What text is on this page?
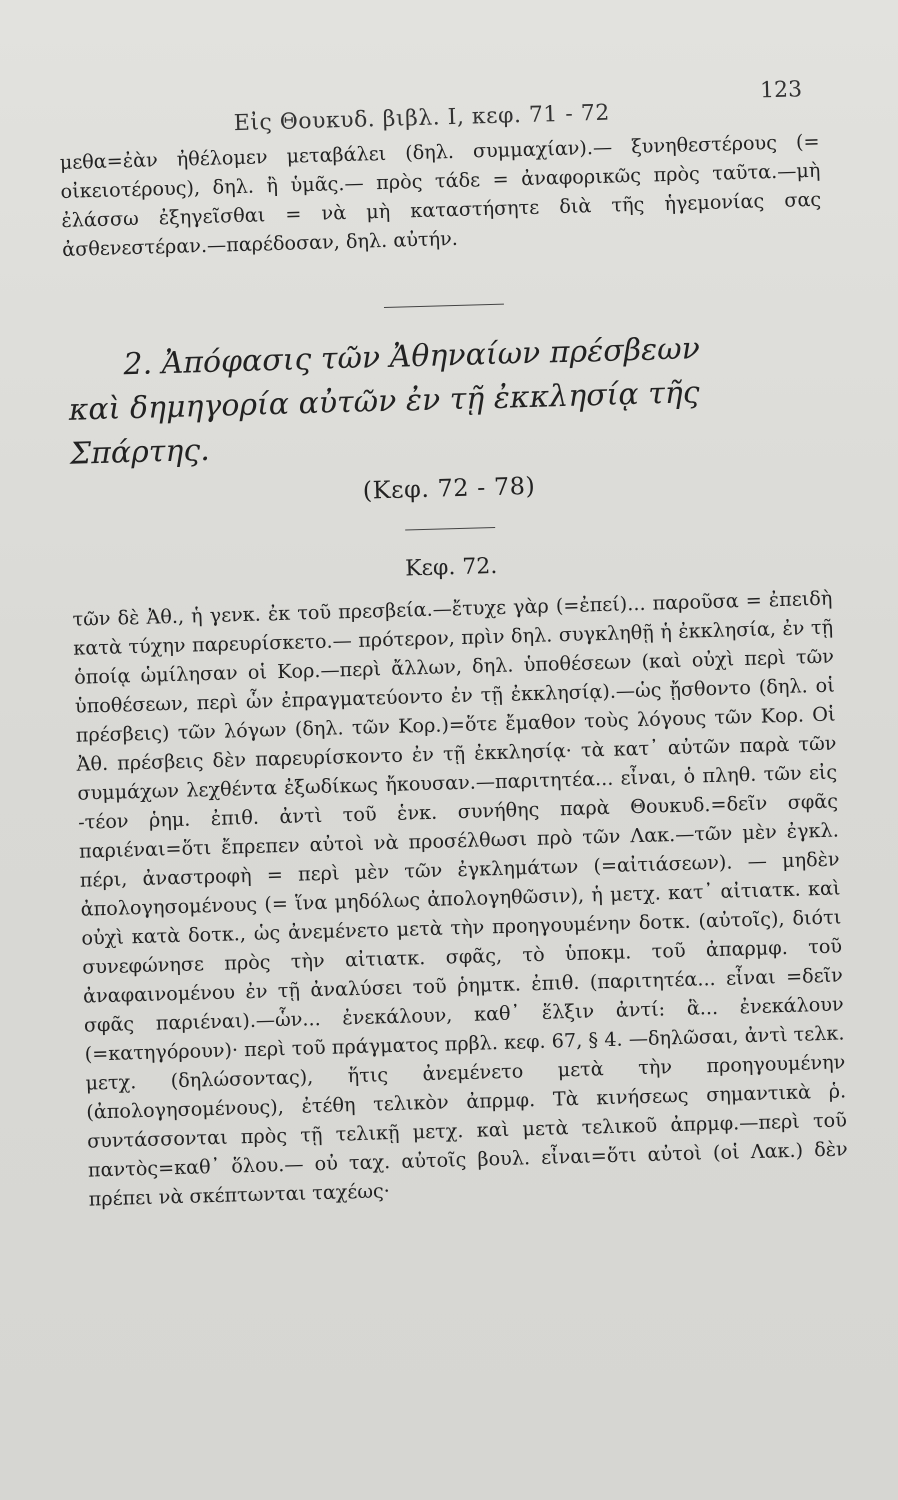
Εἰς Θουκυδ. βιβλ. Ι, κεφ. 71 - 72
123

μεθα=ἐὰν ἠθέλομεν μεταβάλει (δηλ. συμμαχίαν).— ξυνηθεστέρους (= οἰκειοτέρους), δηλ. ἢ ὑμᾶς.— πρὸς τάδε = ἀναφορικῶς πρὸς ταῦτα.—μὴ ἐλάσσω ἐξηγεῖσθαι = νὰ μὴ καταστήσητε διὰ τῆς ἡγεμονίας σας ἀσθενεστέραν.—παρέδοσαν, δηλ. αὐτήν.

2. Ἀπόφασις τῶν Ἀθηναίων πρέσβεων
καὶ δημηγορία αὐτῶν ἐν τῇ ἐκκλησίᾳ τῆς Σπάρτης.
(Κεφ. 72 - 78)
Κεφ. 72.

τῶν δὲ Ἀθ., ἡ γενκ. ἐκ τοῦ πρεσβεία.—ἔτυχε γὰρ (=ἐπεί)... παροῦσα = ἐπειδὴ κατὰ τύχην παρευρίσκετο.— πρότερον, πρὶν δηλ. συγκληθῇ ἡ ἐκκλησία, ἐν τῇ ὁποίᾳ ὡμίλησαν οἱ Κορ.—περὶ ἄλλων, δηλ. ὑποθέσεων (καὶ οὐχὶ περὶ τῶν ὑποθέσεων, περὶ ὧν ἐπραγματεύοντο ἐν τῇ ἐκκλησίᾳ).—ὡς ᾔσθοντο (δηλ. οἱ πρέσβεις) τῶν λόγων (δηλ. τῶν Κορ.)=ὅτε ἔμαθον τοὺς λόγους τῶν Κορ. Οἱ Ἀθ. πρέσβεις δὲν παρευρίσκοντο ἐν τῇ ἐκκλησίᾳ· τὰ κατ᾽ αὐτῶν παρὰ τῶν συμμάχων λεχθέντα ἐξωδίκως ἤκουσαν.—παριτητέα... εἶναι, ὁ πληθ. τῶν εἰς -τέον ῥημ. ἐπιθ. ἀντὶ τοῦ ἑνκ. συνήθης παρὰ Θουκυδ.=δεῖν σφᾶς παριέναι=ὅτι ἔπρεπεν αὐτοὶ νὰ προσέλθωσι πρὸ τῶν Λακ.—τῶν μὲν ἐγκλ. πέρι, ἀναστροφὴ = περὶ μὲν τῶν ἐγκλημάτων (=αἰτιάσεων). — μηδὲν ἀπολογησομένους (= ἵνα μηδόλως ἀπολογηθῶσιν), ἡ μετχ. κατ᾽ αἰτιατκ. καὶ οὐχὶ κατὰ δοτκ., ὡς ἀνεμένετο μετὰ τὴν προηγουμένην δοτκ. (αὐτοῖς), διότι συνεφώνησε πρὸς τὴν αἰτιατκ. σφᾶς, τὸ ὑποκμ. τοῦ ἀπαρμφ. τοῦ ἀναφαινομένου ἐν τῇ ἀναλύσει τοῦ ῥημτκ. ἐπιθ. (παριτητέα... εἶναι =δεῖν σφᾶς παριέναι).—ὧν... ἐνεκάλουν, καθ᾽ ἕλξιν ἀντί: ἃ... ἐνεκάλουν (=κατηγόρουν)· περὶ τοῦ πράγματος πρβλ. κεφ. 67, § 4. —δηλῶσαι, ἀντὶ τελκ. μετχ. (δηλώσοντας), ἥτις ἀνεμένετο μετὰ τὴν προηγουμένην (ἀπολογησομένους), ἐτέθη τελικὸν ἀπρμφ. Τὰ κινήσεως σημαντικὰ ῥ. συντάσσονται πρὸς τῇ τελικῇ μετχ. καὶ μετὰ τελικοῦ ἀπρμφ.—περὶ τοῦ παντὸς=καθ᾽ ὅλου.— οὐ ταχ. αὐτοῖς βουλ. εἶναι=ὅτι αὐτοὶ (οἱ Λακ.) δὲν πρέπει νὰ σκέπτωνται ταχέως·
